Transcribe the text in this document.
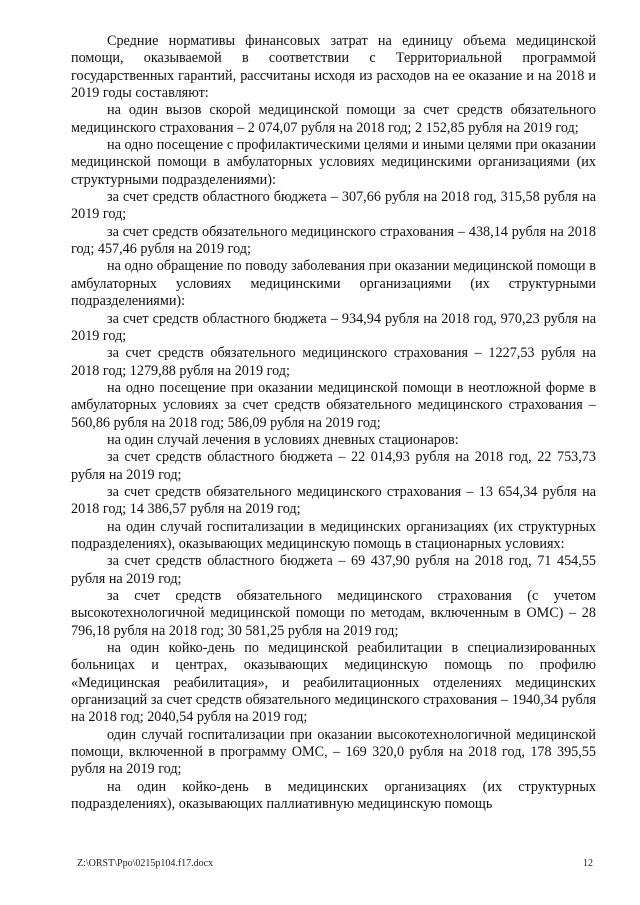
Средние нормативы финансовых затрат на единицу объема медицинской помощи, оказываемой в соответствии с Территориальной программой государственных гарантий, рассчитаны исходя из расходов на ее оказание и на 2018 и 2019 годы составляют:

на один вызов скорой медицинской помощи за счет средств обязательного медицинского страхования – 2 074,07 рубля на 2018 год; 2 152,85 рубля на 2019 год;

на одно посещение с профилактическими целями и иными целями при оказании медицинской помощи в амбулаторных условиях медицинскими организациями (их структурными подразделениями):

за счет средств областного бюджета – 307,66 рубля на 2018 год, 315,58 рубля на 2019 год;

за счет средств обязательного медицинского страхования – 438,14 рубля на 2018 год; 457,46 рубля на 2019 год;

на одно обращение по поводу заболевания при оказании медицинской помощи в амбулаторных условиях медицинскими организациями (их структурными подразделениями):

за счет средств областного бюджета – 934,94 рубля на 2018 год, 970,23 рубля на 2019 год;

за счет средств обязательного медицинского страхования – 1227,53 рубля на 2018 год; 1279,88 рубля на 2019 год;

на одно посещение при оказании медицинской помощи в неотложной форме в амбулаторных условиях за счет средств обязательного медицинского страхования – 560,86 рубля на 2018 год; 586,09 рубля на 2019 год;

на один случай лечения в условиях дневных стационаров:

за счет средств областного бюджета – 22 014,93 рубля на 2018 год, 22 753,73 рубля на 2019 год;

за счет средств обязательного медицинского страхования – 13 654,34 рубля на 2018 год; 14 386,57 рубля на 2019 год;

на один случай госпитализации в медицинских организациях (их структурных подразделениях), оказывающих медицинскую помощь в стационарных условиях:

за счет средств областного бюджета – 69 437,90 рубля на 2018 год, 71 454,55 рубля на 2019 год;

за счет средств обязательного медицинского страхования (с учетом высокотехнологичной медицинской помощи по методам, включенным в ОМС) – 28 796,18 рубля на 2018 год; 30 581,25 рубля на 2019 год;

на один койко-день по медицинской реабилитации в специализированных больницах и центрах, оказывающих медицинскую помощь по профилю «Медицинская реабилитация», и реабилитационных отделениях медицинских организаций за счет средств обязательного медицинского страхования – 1940,34 рубля на 2018 год; 2040,54 рубля на 2019 год;

один случай госпитализации при оказании высокотехнологичной медицинской помощи, включенной в программу ОМС, – 169 320,0 рубля на 2018 год, 178 395,55 рубля на 2019 год;

на один койко-день в медицинских организациях (их структурных подразделениях), оказывающих паллиативную медицинскую помощь

Z:\ORST\Ppo\0215p104.f17.docx	12
